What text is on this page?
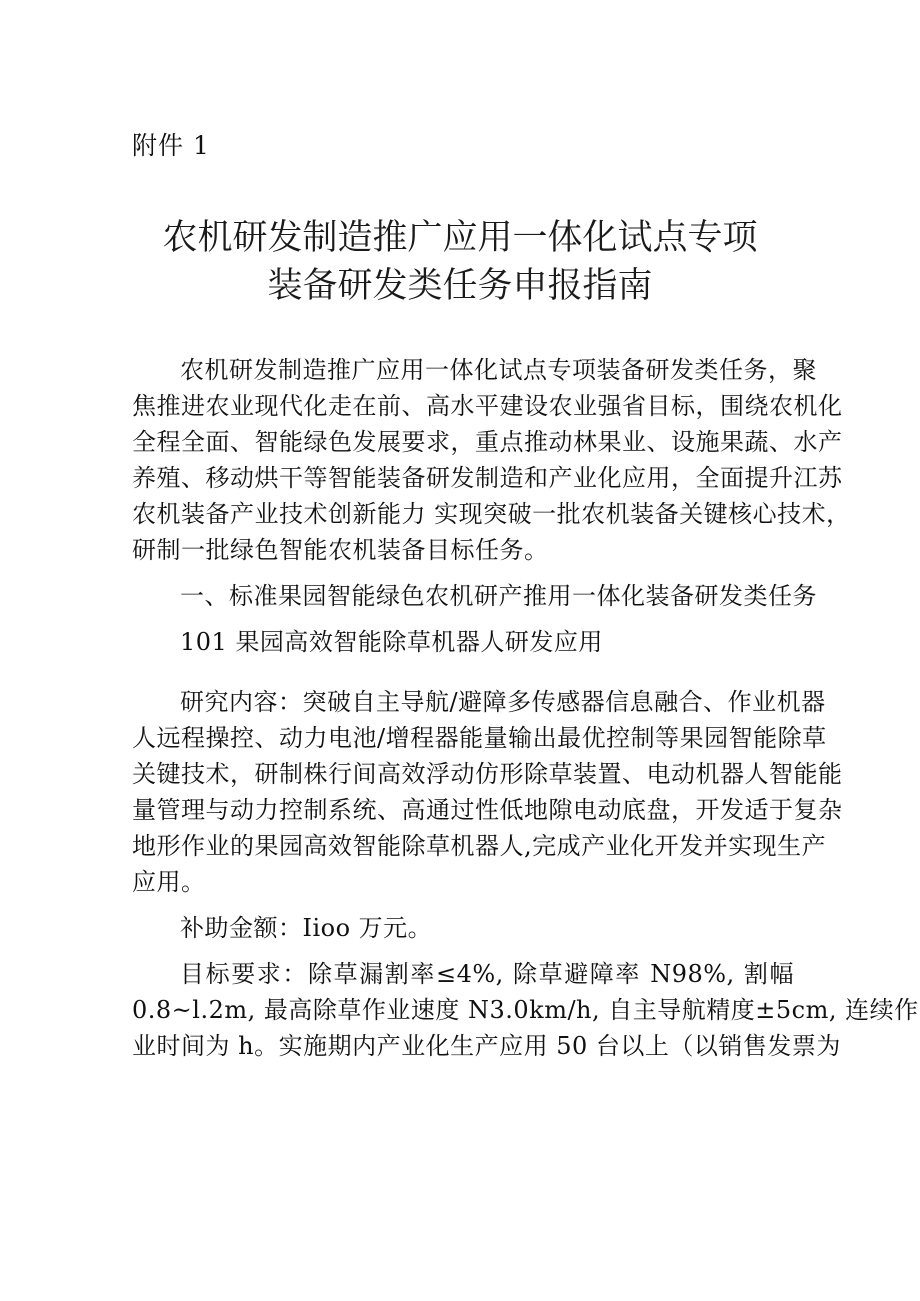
附件 1
农机研发制造推广应用一体化试点专项
装备研发类任务申报指南
农机研发制造推广应用一体化试点专项装备研发类任务，聚
焦推进农业现代化走在前、高水平建设农业强省目标，围绕农机化
全程全面、智能绿色发展要求，重点推动林果业、设施果蔬、水产
养殖、移动烘干等智能装备研发制造和产业化应用，全面提升江苏
农机装备产业技术创新能力 实现突破一批农机装备关键核心技术，
研制一批绿色智能农机装备目标任务。
一、标准果园智能绿色农机研产推用一体化装备研发类任务
101 果园高效智能除草机器人研发应用
研究内容：突破自主导航/避障多传感器信息融合、作业机器
人远程操控、动力电池/增程器能量输出最优控制等果园智能除草
关键技术，研制株行间高效浮动仿形除草装置、电动机器人智能能
量管理与动力控制系统、高通过性低地隙电动底盘，开发适于复杂
地形作业的果园高效智能除草机器人,完成产业化开发并实现生产
应用。
补助金额：Iioo 万元。
目标要求：除草漏割率≤4%, 除草避障率 N98%, 割幅
0.8~l.2m, 最高除草作业速度 N3.0km/h, 自主导航精度±5cm, 连续作
业时间为 h。实施期内产业化生产应用 50 台以上（以销售发票为
